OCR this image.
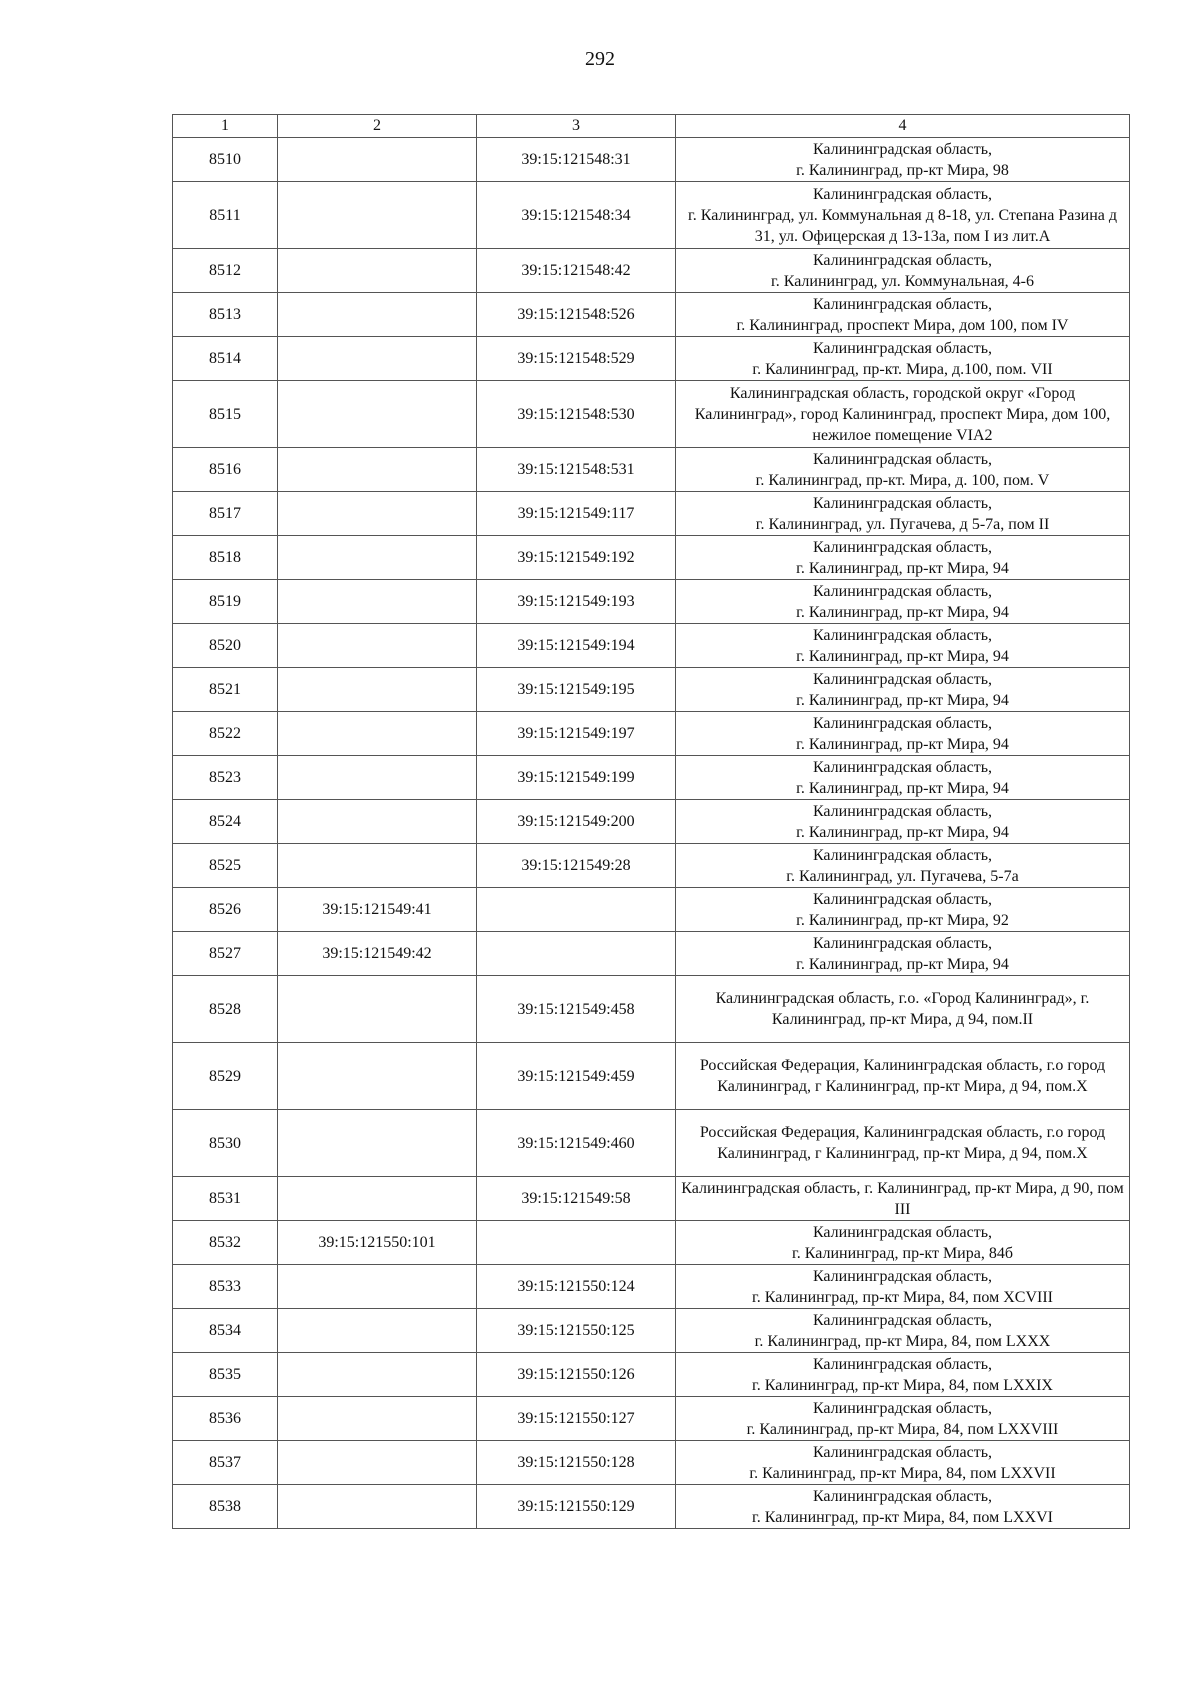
292
1	2	3	4
8510		39:15:121548:31	Калининградская область,
г. Калининград, пр-кт Мира, 98
8511		39:15:121548:34	Калининградская область,
г. Калининград, ул. Коммунальная д 8-18, ул. Степана Разина д 31, ул. Офицерская д 13-13а, пом I из лит.А
8512		39:15:121548:42	Калининградская область,
г. Калининград, ул. Коммунальная, 4-6
8513		39:15:121548:526	Калининградская область,
г. Калининград, проспект Мира, дом 100, пом IV
8514		39:15:121548:529	Калининградская область,
г. Калининград, пр-кт. Мира, д.100, пом. VII
8515		39:15:121548:530	Калининградская область, городской округ «Город Калининград», город Калининград, проспект Мира, дом 100, нежилое помещение VIA2
8516		39:15:121548:531	Калининградская область,
г. Калининград, пр-кт. Мира, д. 100, пом. V
8517		39:15:121549:117	Калининградская область,
г. Калининград, ул. Пугачева, д 5-7а, пом II
8518		39:15:121549:192	Калининградская область,
г. Калининград, пр-кт Мира, 94
8519		39:15:121549:193	Калининградская область,
г. Калининград, пр-кт Мира, 94
8520		39:15:121549:194	Калининградская область,
г. Калининград, пр-кт Мира, 94
8521		39:15:121549:195	Калининградская область,
г. Калининград, пр-кт Мира, 94
8522		39:15:121549:197	Калининградская область,
г. Калининград, пр-кт Мира, 94
8523		39:15:121549:199	Калининградская область,
г. Калининград, пр-кт Мира, 94
8524		39:15:121549:200	Калининградская область,
г. Калининград, пр-кт Мира, 94
8525		39:15:121549:28	Калининградская область,
г. Калининград, ул. Пугачева, 5-7а
8526	39:15:121549:41		Калининградская область,
г. Калининград, пр-кт Мира, 92
8527	39:15:121549:42		Калининградская область,
г. Калининград, пр-кт Мира, 94
8528		39:15:121549:458	Калининградская область, г.о. «Город Калининград», г. Калининград, пр-кт Мира, д 94, пом.II
8529		39:15:121549:459	Российская Федерация, Калининградская область, г.о город Калининград, г Калининград, пр-кт Мира, д 94, пом.X
8530		39:15:121549:460	Российская Федерация, Калининградская область, г.о город Калининград, г Калининград, пр-кт Мира, д 94, пом.X
8531		39:15:121549:58	Калининградская область, г. Калининград, пр-кт Мира, д 90, пом III
8532	39:15:121550:101		Калининградская область,
г. Калининград, пр-кт Мира, 84б
8533		39:15:121550:124	Калининградская область,
г. Калининград, пр-кт Мира, 84, пом XCVIII
8534		39:15:121550:125	Калининградская область,
г. Калининград, пр-кт Мира, 84, пом LXXX
8535		39:15:121550:126	Калининградская область,
г. Калининград, пр-кт Мира, 84, пом LXXIX
8536		39:15:121550:127	Калининградская область,
г. Калининград, пр-кт Мира, 84, пом LXXVIII
8537		39:15:121550:128	Калининградская область,
г. Калининград, пр-кт Мира, 84, пом LXXVII
8538		39:15:121550:129	Калининградская область,
г. Калининград, пр-кт Мира, 84, пом LXXVI
